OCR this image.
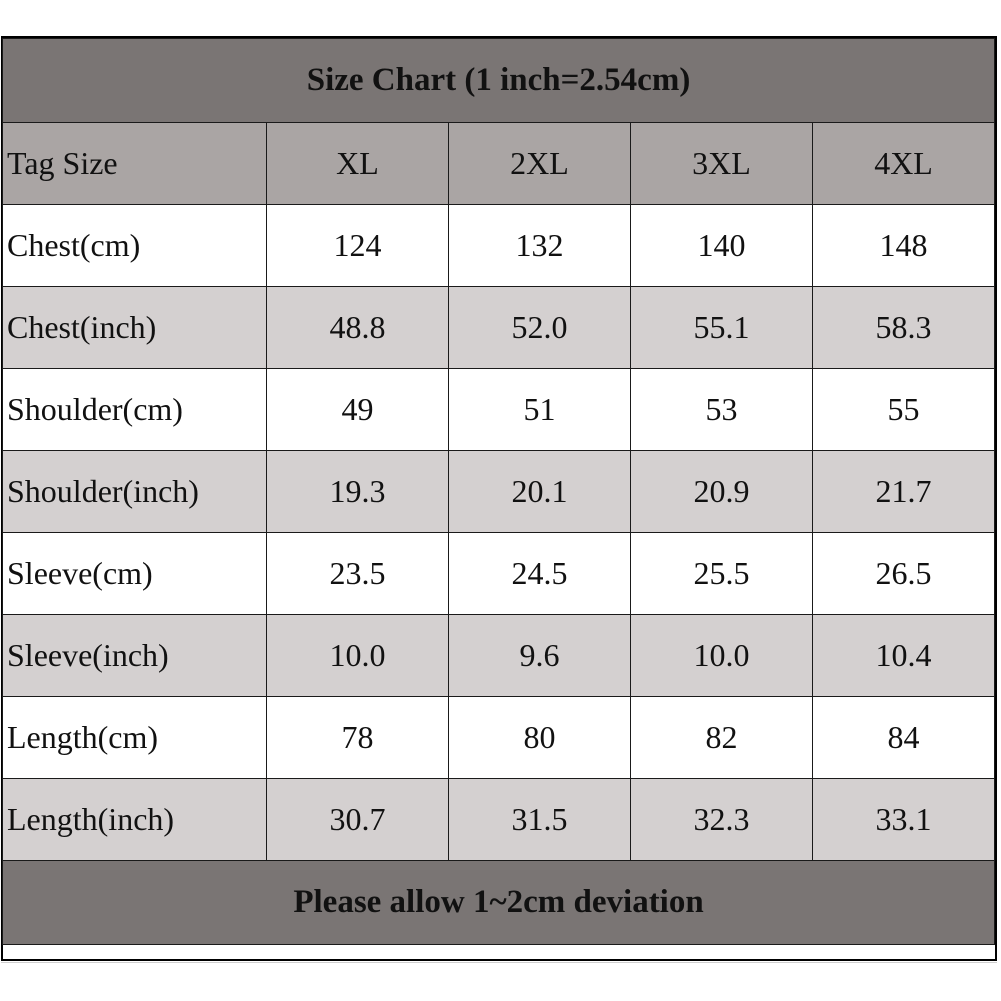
Size Chart (1 inch=2.54cm)				
Tag Size	XL	2XL	3XL	4XL
Chest(cm)	124	132	140	148
Chest(inch)	48.8	52.0	55.1	58.3
Shoulder(cm)	49	51	53	55
Shoulder(inch)	19.3	20.1	20.9	21.7
Sleeve(cm)	23.5	24.5	25.5	26.5
Sleeve(inch)	10.0	9.6	10.0	10.4
Length(cm)	78	80	82	84
Length(inch)	30.7	31.5	32.3	33.1
Please allow 1~2cm deviation				
